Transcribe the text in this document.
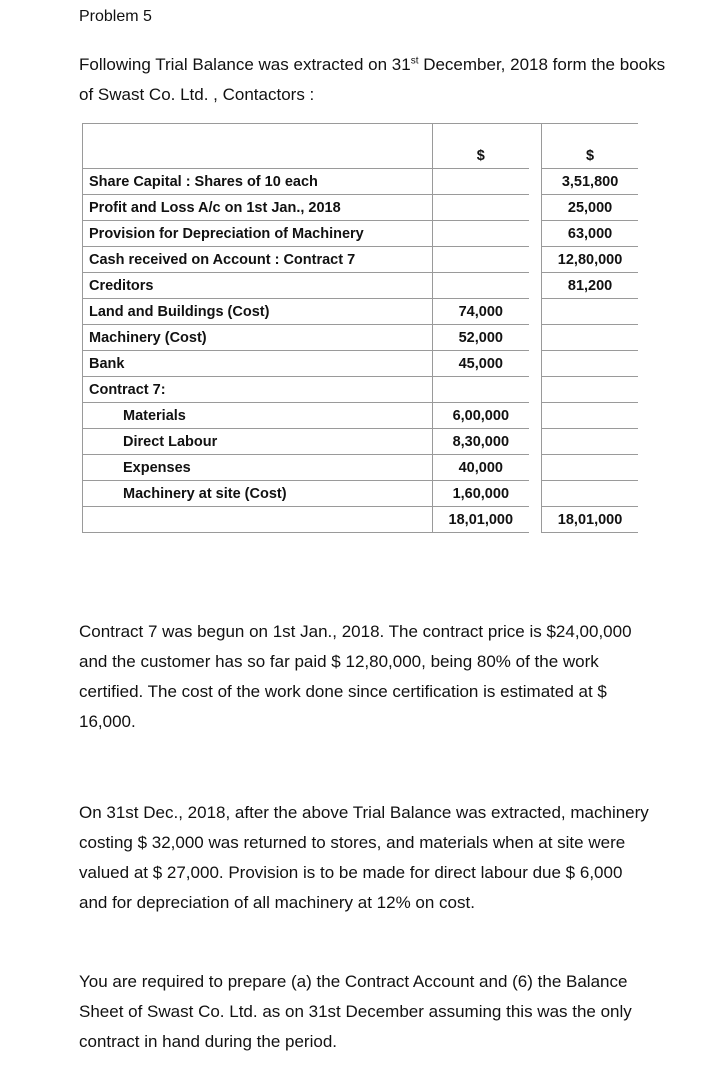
Problem 5
Following Trial Balance was extracted on 31st December, 2018 form the books of Swast Co. Ltd. , Contactors :
	$		$
Share Capital : Shares of 10 each			3,51,800
Profit and Loss A/c on 1st Jan., 2018			25,000
Provision for Depreciation of Machinery			63,000
Cash received on Account : Contract 7			12,80,000
Creditors			81,200
Land and Buildings (Cost)	74,000		
Machinery (Cost)	52,000		
Bank	45,000		
Contract 7:			
Materials	6,00,000		
Direct Labour	8,30,000		
Expenses	40,000		
Machinery at site (Cost)	1,60,000		
	18,01,000		18,01,000
Contract 7 was begun on 1st Jan., 2018. The contract price is $24,00,000 and the customer has so far paid $ 12,80,000, being 80% of the work certified. The cost of the work done since certification is estimated at $ 16,000.
On 31st Dec., 2018, after the above Trial Balance was extracted, machinery costing $ 32,000 was returned to stores, and materials when at site were valued at $ 27,000. Provision is to be made for direct labour due $ 6,000 and for depreciation of all machinery at 12% on cost.
You are required to prepare (a) the Contract Account and (6) the Balance Sheet of Swast Co. Ltd. as on 31st December assuming this was the only contract in hand during the period.
